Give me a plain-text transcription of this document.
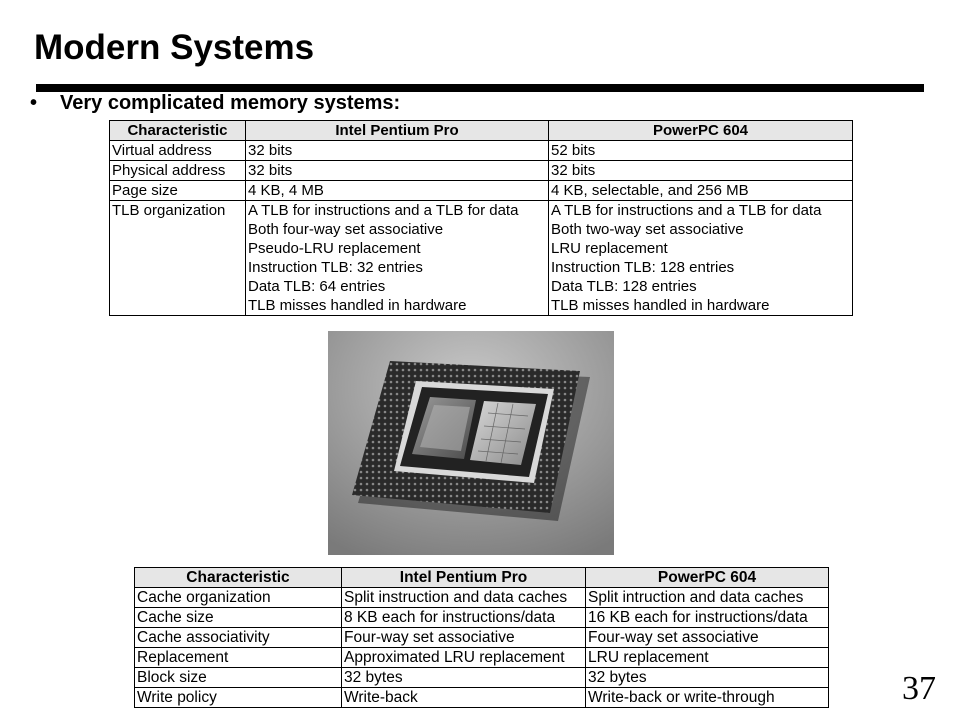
Modern Systems
• Very complicated memory systems:
Characteristic	Intel Pentium Pro	PowerPC 604
Virtual address	32 bits	52 bits
Physical address	32 bits	32 bits
Page size	4 KB, 4 MB	4 KB, selectable, and 256 MB
TLB organization	A TLB for instructions and a TLB for data	A TLB for instructions and a TLB for data
	Both four-way set associative	Both two-way set associative
	Pseudo-LRU replacement	LRU replacement
	Instruction TLB: 32 entries	Instruction TLB: 128 entries
	Data TLB: 64 entries	Data TLB: 128 entries
	TLB misses handled in hardware	TLB misses handled in hardware
Characteristic	Intel Pentium Pro	PowerPC 604
Cache organization	Split instruction and data caches	Split intruction and data caches
Cache size	8 KB each for instructions/data	16 KB each for instructions/data
Cache associativity	Four-way set associative	Four-way set associative
Replacement	Approximated LRU replacement	LRU replacement
Block size	32 bytes	32 bytes
Write policy	Write-back	Write-back or write-through	37
